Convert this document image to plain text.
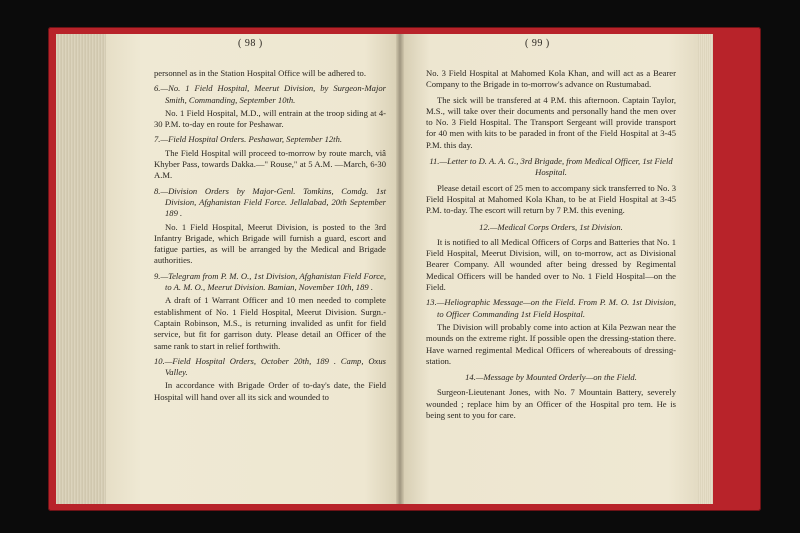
personnel as in the Station Hospital Office will be adhered to.

6.—No. 1 Field Hospital, Meerut Division, by Surgeon-Major Smith, Commanding, September 10th.

No. 1 Field Hospital, M.D., will entrain at the troop siding at 4-30 P.M. to-day en route for Peshawar.

7.—Field Hospital Orders. Peshawar, September 12th.

The Field Hospital will proceed to-morrow by route march, viâ Khyber Pass, towards Dakka.—" Rouse," at 5 A.M. —March, 6-30 A.M.

8.—Division Orders by Major-Genl. Tomkins, Comdg. 1st Division, Afghanistan Field Force. Jellalabad, 20th September 189 .

No. 1 Field Hospital, Meerut Division, is posted to the 3rd Infantry Brigade, which Brigade will furnish a guard, escort and fatigue parties, as will be arranged by the Medical and Brigade authorities.

9.—Telegram from P. M. O., 1st Division, Afghanistan Field Force, to A. M. O., Meerut Division. Bamian, November 10th, 189 .

A draft of 1 Warrant Officer and 10 men needed to complete establishment of No. 1 Field Hospital, Meerut Division. Surgn.-Captain Robinson, M.S., is returning invalided as unfit for field service, but fit for garrison duty. Please detail an Officer of the same rank to start in relief forthwith.

10.—Field Hospital Orders, October 20th, 189 . Camp, Oxus Valley.

In accordance with Brigade Order of to-day's date, the Field Hospital will hand over all its sick and wounded to

No. 3 Field Hospital at Mahomed Kola Khan, and will act as a Bearer Company to the Brigade in to-morrow's advance on Rustumabad.

The sick will be transfered at 4 P.M. this afternoon. Captain Taylor, M.S., will take over their documents and personally hand the men over to No. 3 Field Hospital. The Transport Sergeant will provide transport for 40 men with kits to be paraded in front of the Field Hospital at 3-45 P.M. this day.

11.—Letter to D. A. A. G., 3rd Brigade, from Medical Officer, 1st Field Hospital.

Please detail escort of 25 men to accompany sick transferred to No. 3 Field Hospital at Mahomed Kola Khan, to be at Field Hospital at 3-45 P.M. to-day. The escort will return by 7 P.M. this evening.

12.—Medical Corps Orders, 1st Division.

It is notified to all Medical Officers of Corps and Batteries that No. 1 Field Hospital, Meerut Division, will, on to-morrow, act as Divisional Bearer Company. All wounded after being dressed by Regimental Medical Officers will be handed over to No. 1 Field Hospital—on the Field.

13.—Heliographic Message—on the Field. From P. M. O. 1st Division, to Officer Commanding 1st Field Hospital.

The Division will probably come into action at Kila Pezwan near the mounds on the extreme right. If possible open the dressing-station there. Have warned regimental Medical Officers of whereabouts of dressing-station.

14.—Message by Mounted Orderly—on the Field.

Surgeon-Lieutenant Jones, with No. 7 Mountain Battery, severely wounded ; replace him by an Officer of the Hospital pro tem. He is being sent to you for care.

( 98 )	( 99 )
